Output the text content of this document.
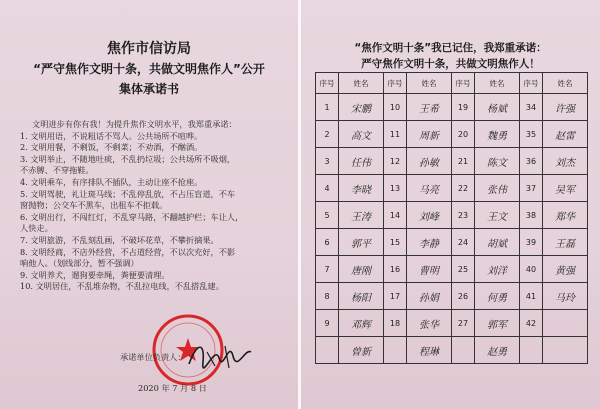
焦作市信访局
“严守焦作文明十条，共做文明焦作人”公开
集体承诺书

文明进步有你有我！为提升焦作文明水平，我郑重承诺：

1. 文明用语，不说粗话不骂人。公共场所不喧哗。

2. 文明用餐，不剩饭，不剩菜；不劝酒，不酗酒。

3. 文明举止，不随地吐痰，不乱扔垃圾；公共场所不吸烟，

不赤膊、不穿拖鞋。

4. 文明乘车，有序排队不插队，主动让座不抢座。

5. 文明驾驶，礼让斑马线；不乱停乱放，不占压盲道，不车

窗抛物；公交车不黑车，出租车不拒载。

6. 文明出行，不闯红灯，不乱穿马路，不翻越护栏；车让人，

人快走。

7. 文明旅游，不乱刻乱画，不破坏花草，不攀折摘果。

8. 文明经商，不店外经营，不占道经营，不以次充好，不影

响他人。（划线部分，暂不强调）

9. 文明养犬，遛狗要牵绳，粪便要清理。

10. 文明居住，不乱堆杂物，不乱拉电线，不乱搭乱建。

承诺单位负责人：
2020 年 7 月 8 日
“焦作文明十条”我已记住，我郑重承诺：
严守焦作文明十条，共做文明焦作人！
序号	姓名	序号	姓名	序号	姓名	序号	姓名
1	宋鹏	10	王希	19	杨斌	34	许强
2	高文	11	周新	20	魏勇	35	赵雷
3	任伟	12	孙敏	21	陈文	36	刘杰
4	李晓	13	马亮	22	张伟	37	吴军
5	王涛	14	刘峰	23	王文	38	郑华
6	郭平	15	李静	24	胡斌	39	王磊
7	唐刚	16	曹明	25	刘洋	40	黄强
8	杨阳	17	孙娟	26	何勇	41	马玲
9	邓辉	18	张华	27	郭军	42	
	曾新		程琳		赵勇		
